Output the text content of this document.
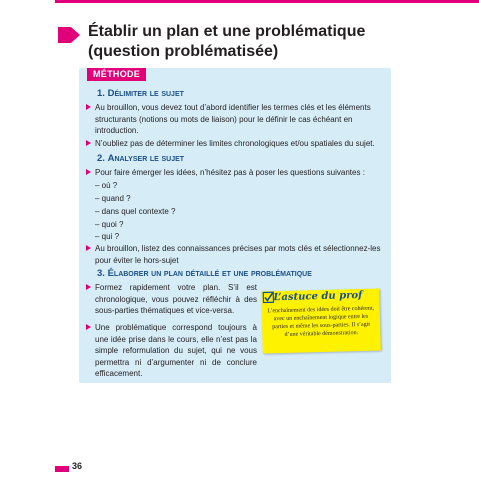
Établir un plan et une problématique (question problématisée)
MÉTHODE
1. Délimiter le sujet
Au brouillon, vous devez tout d’abord identifier les termes clés et les éléments structurants (notions ou mots de liaison) pour le définir le cas échéant en introduction.
N’oubliez pas de déterminer les limites chronologiques et/ou spatiales du sujet.
2. Analyser le sujet
Pour faire émerger les idées, n’hésitez pas à poser les questions suivantes :
– où ?
– quand ?
– dans quel contexte ?
– quoi ?
– qui ?
Au brouillon, listez des connaissances précises par mots clés et sélectionnez-les pour éviter le hors-sujet
3. Élaborer un plan détaillé et une problématique
Formez rapidement votre plan. S’il est chronologique, vous pouvez réfléchir à des sous-parties thématiques et vice-versa.
Une problématique correspond toujours à une idée prise dans le cours, elle n’est pas la simple reformulation du sujet, qui ne vous permettra ni d’argumenter ni de conclure efficacement.
L’astuce du prof
L’enchaînement des idées doit être cohérent, avec un enchaînement logique entre les parties et même les sous-parties. Il s’agit d’une véritable démonstration.
36
